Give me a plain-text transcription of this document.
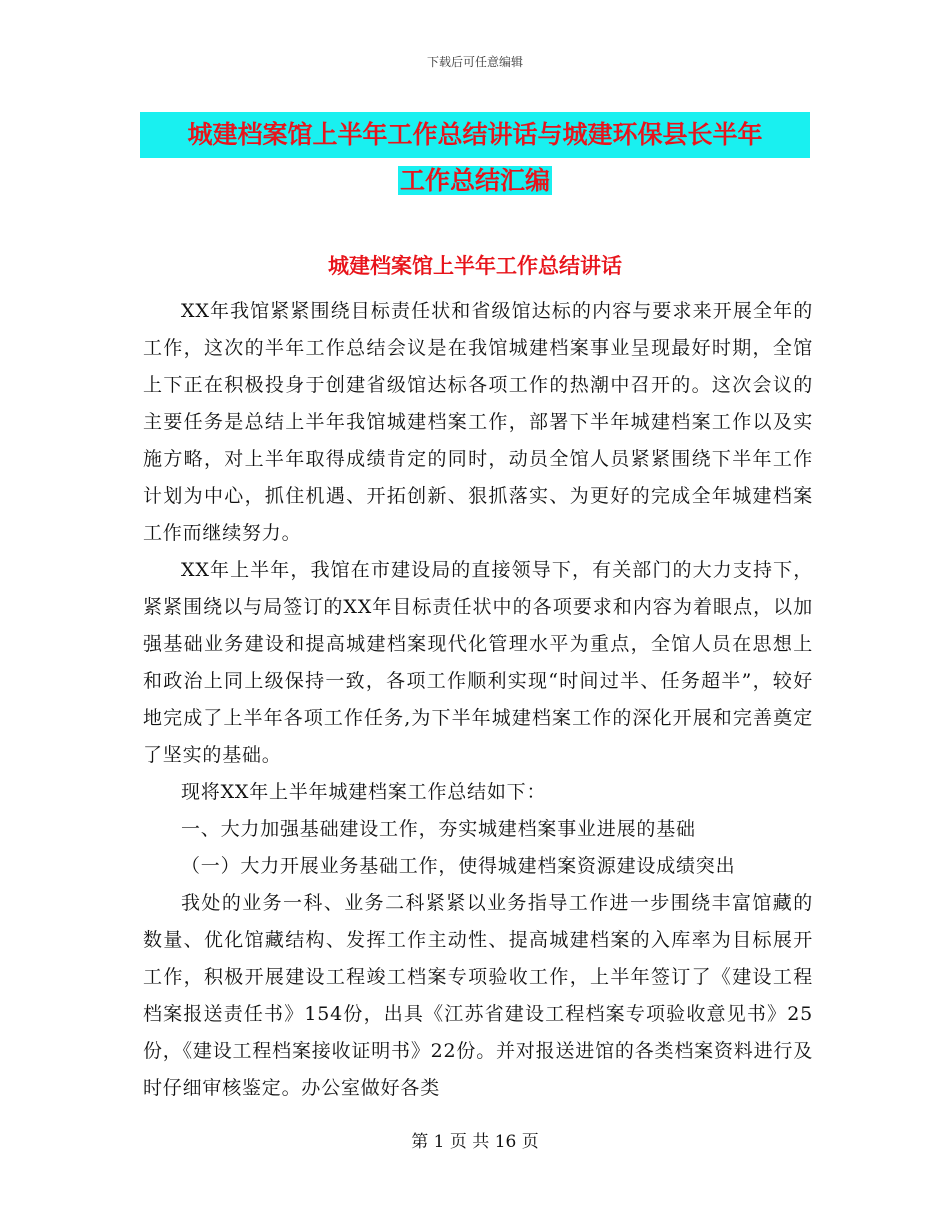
下载后可任意编辑
城建档案馆上半年工作总结讲话与城建环保县长半年
工作总结汇编
城建档案馆上半年工作总结讲话

XX年我馆紧紧围绕目标责任状和省级馆达标的内容与要求来开展全年的工作，这次的半年工作总结会议是在我馆城建档案事业呈现最好时期，全馆上下正在积极投身于创建省级馆达标各项工作的热潮中召开的。这次会议的主要任务是总结上半年我馆城建档案工作，部署下半年城建档案工作以及实施方略，对上半年取得成绩肯定的同时，动员全馆人员紧紧围绕下半年工作计划为中心，抓住机遇、开拓创新、狠抓落实、为更好的完成全年城建档案工作而继续努力。

XX年上半年，我馆在市建设局的直接领导下，有关部门的大力支持下，紧紧围绕以与局签订的XX年目标责任状中的各项要求和内容为着眼点，以加强基础业务建设和提高城建档案现代化管理水平为重点，全馆人员在思想上和政治上同上级保持一致，各项工作顺利实现“时间过半、任务超半”，较好地完成了上半年各项工作任务,为下半年城建档案工作的深化开展和完善奠定了坚实的基础。

现将XX年上半年城建档案工作总结如下：

一、大力加强基础建设工作，夯实城建档案事业进展的基础

（一）大力开展业务基础工作，使得城建档案资源建设成绩突出

我处的业务一科、业务二科紧紧以业务指导工作进一步围绕丰富馆藏的数量、优化馆藏结构、发挥工作主动性、提高城建档案的入库率为目标展开工作，积极开展建设工程竣工档案专项验收工作，上半年签订了《建设工程档案报送责任书》154份，出具《江苏省建设工程档案专项验收意见书》25份，《建设工程档案接收证明书》22份。并对报送进馆的各类档案资料进行及时仔细审核鉴定。办公室做好各类

第 1 页 共 16 页
